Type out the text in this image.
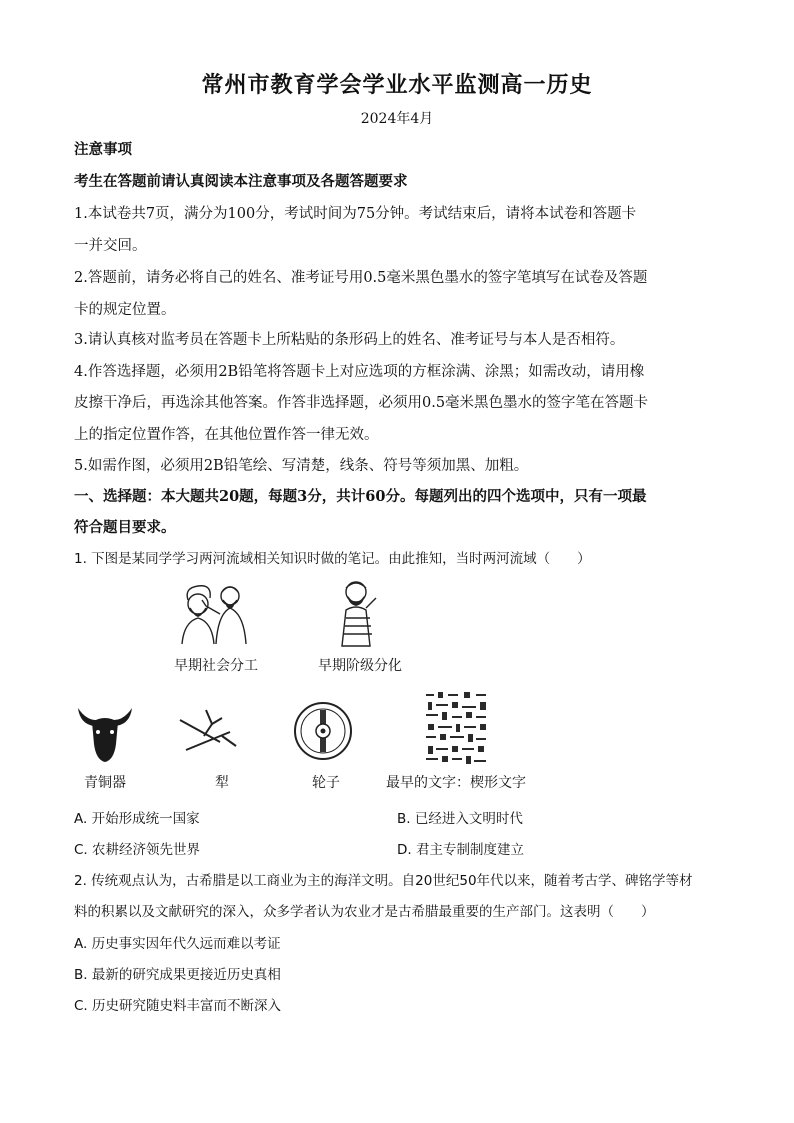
常州市教育学会学业水平监测高一历史
2024年4月
注意事项
考生在答题前请认真阅读本注意事项及各题答题要求
1.本试卷共7页，满分为100分，考试时间为75分钟。考试结束后，请将本试卷和答题卡
一并交回。
2.答题前，请务必将自己的姓名、准考证号用0.5毫米黑色墨水的签字笔填写在试卷及答题
卡的规定位置。
3.请认真核对监考员在答题卡上所粘贴的条形码上的姓名、准考证号与本人是否相符。
4.作答选择题，必须用2B铅笔将答题卡上对应选项的方框涂满、涂黑；如需改动，请用橡
皮擦干净后，再选涂其他答案。作答非选择题，必须用0.5毫米黑色墨水的签字笔在答题卡
上的指定位置作答，在其他位置作答一律无效。
5.如需作图，必须用2B铅笔绘、写清楚，线条、符号等须加黑、加粗。
一、选择题：本大题共20题，每题3分，共计60分。每题列出的四个选项中，只有一项最
符合题目要求。
1. 下图是某同学学习两河流域相关知识时做的笔记。由此推知，当时两河流域（　　）
早期社会分工	早期阶级分化
青铜器	犁	轮子	最早的文字：楔形文字
A. 开始形成统一国家	B. 已经进入文明时代
C. 农耕经济领先世界	D. 君主专制制度建立
2. 传统观点认为，古希腊是以工商业为主的海洋文明。自20世纪50年代以来，随着考古学、碑铭学等材
料的积累以及文献研究的深入，众多学者认为农业才是古希腊最重要的生产部门。这表明（　　）
A. 历史事实因年代久远而难以考证
B. 最新的研究成果更接近历史真相
C. 历史研究随史料丰富而不断深入
